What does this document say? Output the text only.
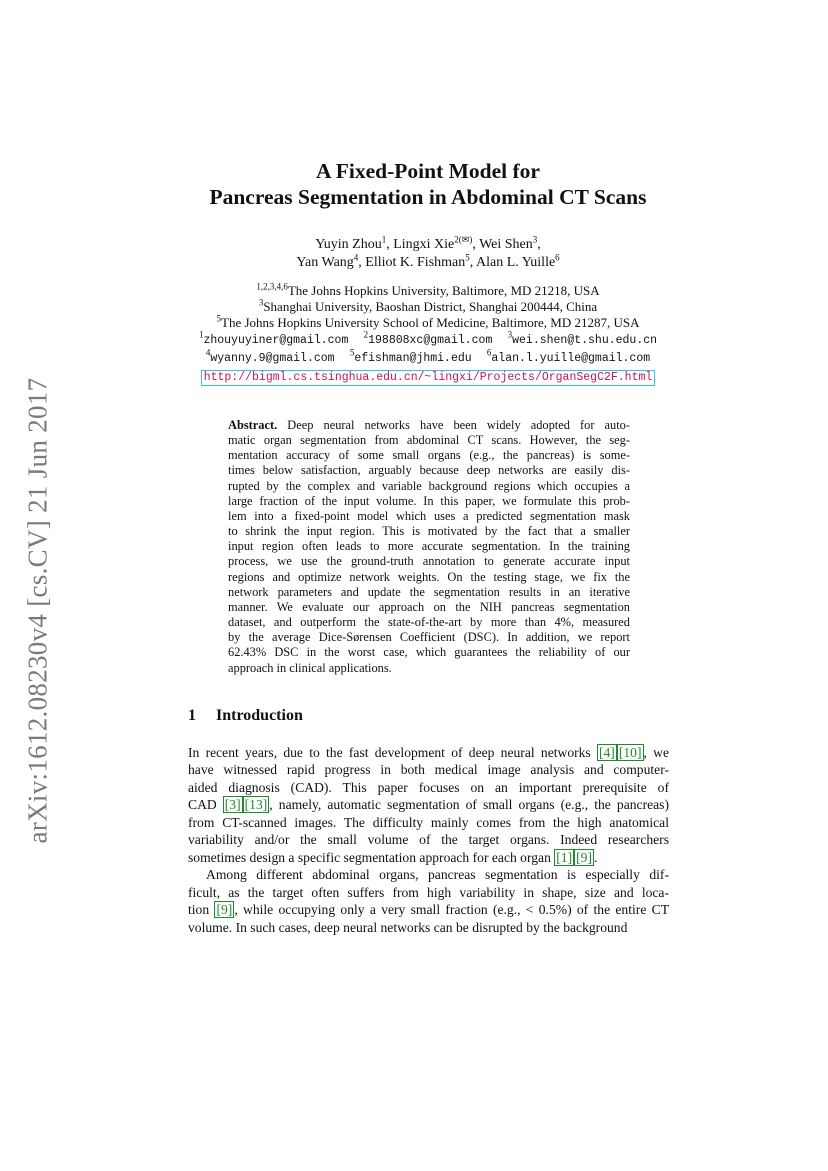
arXiv:1612.08230v4 [cs.CV] 21 Jun 2017
A Fixed-Point Model for
Pancreas Segmentation in Abdominal CT Scans
Yuyin Zhou$^1$, Lingxi Xie$^{2(✉)}$, Wei Shen$^3$,
Yan Wang$^4$, Elliot K. Fishman$^5$, Alan L. Yuille$^6$
$^{1,2,3,4,6}$The Johns Hopkins University, Baltimore, MD 21218, USA
$^3$Shanghai University, Baoshan District, Shanghai 200444, China
$^5$The Johns Hopkins University School of Medicine, Baltimore, MD 21287, USA
$^1$zhouyuyiner@gmail.com $^2$198808xc@gmail.com $^3$wei.shen@t.shu.edu.cn
$^4$wyanny.9@gmail.com $^5$efishman@jhmi.edu $^6$alan.l.yuille@gmail.com
http://bigml.cs.tsinghua.edu.cn/~lingxi/Projects/OrganSegC2F.html
Abstract. Deep neural networks have been widely adopted for auto-
matic organ segmentation from abdominal CT scans. However, the seg-
mentation accuracy of some small organs (e.g., the pancreas) is some-
times below satisfaction, arguably because deep networks are easily dis-
rupted by the complex and variable background regions which occupies a
large fraction of the input volume. In this paper, we formulate this prob-
lem into a fixed-point model which uses a predicted segmentation mask
to shrink the input region. This is motivated by the fact that a smaller
input region often leads to more accurate segmentation. In the training
process, we use the ground-truth annotation to generate accurate input
regions and optimize network weights. On the testing stage, we fix the
network parameters and update the segmentation results in an iterative
manner. We evaluate our approach on the NIH pancreas segmentation
dataset, and outperform the state-of-the-art by more than 4%, measured
by the average Dice-Sørensen Coefficient (DSC). In addition, we report
62.43% DSC in the worst case, which guarantees the reliability of our
approach in clinical applications.
1 Introduction
In recent years, due to the fast development of deep neural networks [4] [10] , we
have witnessed rapid progress in both medical image analysis and computer-
aided diagnosis (CAD). This paper focuses on an important prerequisite of
CAD [3] [13] , namely, automatic segmentation of small organs (e.g., the pancreas)
from CT-scanned images. The difficulty mainly comes from the high anatomical
variability and/or the small volume of the target organs. Indeed researchers
sometimes design a specific segmentation approach for each organ [1] [9] .
Among different abdominal organs, pancreas segmentation is especially dif-
ficult, as the target often suffers from high variability in shape, size and loca-
tion [9] , while occupying only a very small fraction (e.g., < 0.5%) of the entire CT
volume. In such cases, deep neural networks can be disrupted by the background
